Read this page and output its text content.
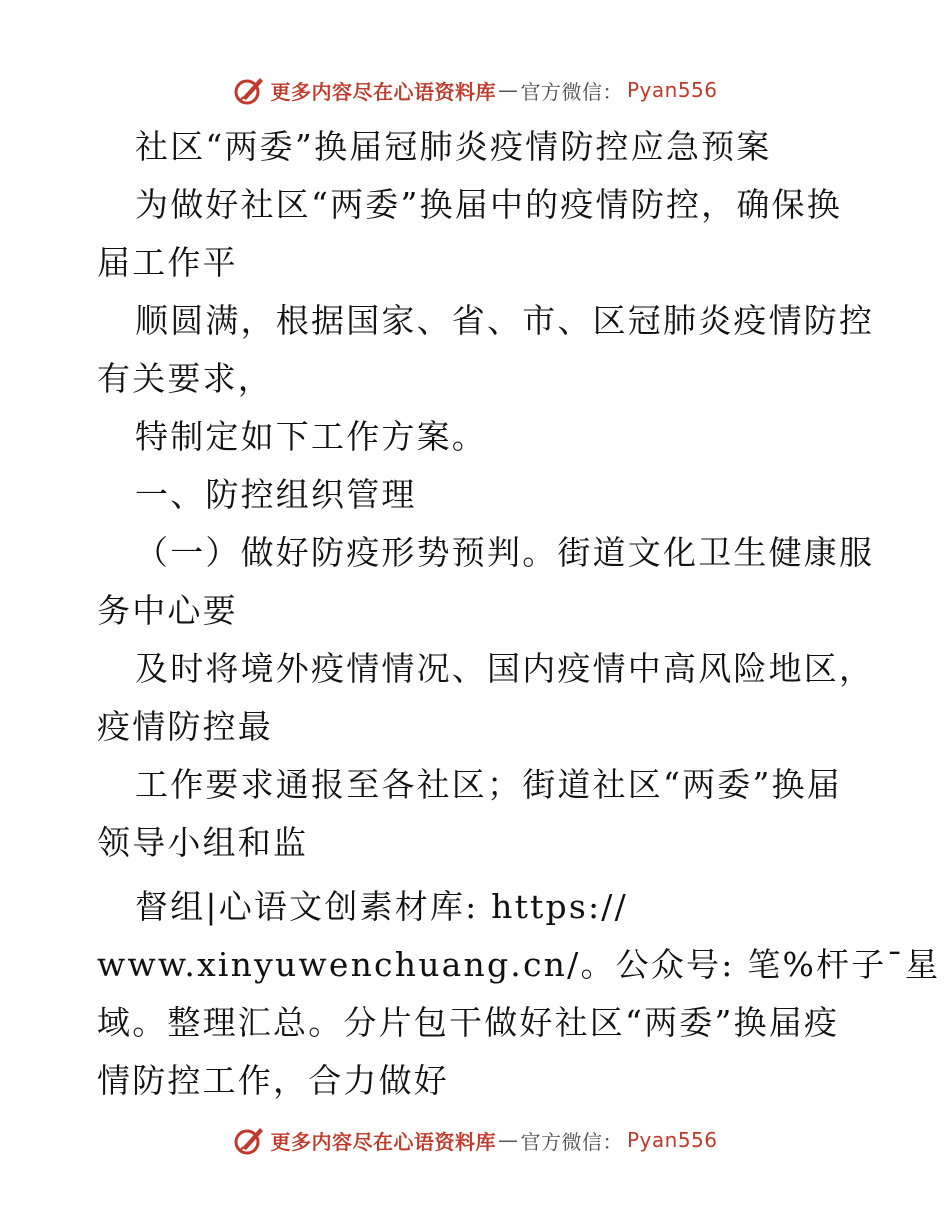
更多内容尽在心语资料库 — 官方微信： Pyan556
社区“两委”换届冠肺炎疫情防控应急预案
为做好社区“两委”换届中的疫情防控，确保换
届工作平
顺圆满，根据国家、省、市、区冠肺炎疫情防控
有关要求，
特制定如下工作方案。
一、防控组织管理
（一）做好防疫形势预判。街道文化卫生健康服
务中心要
及时将境外疫情情况、国内疫情中高风险地区，
疫情防控最
工作要求通报至各社区；街道社区“两委”换届
领导小组和监
督组|心语文创素材库: https://
www.xinyuwenchuang.cn/。公众号: 笔%杆子¯星
域。整理汇总。分片包干做好社区“两委”换届疫
情防控工作，合力做好
更多内容尽在心语资料库 — 官方微信： Pyan556
